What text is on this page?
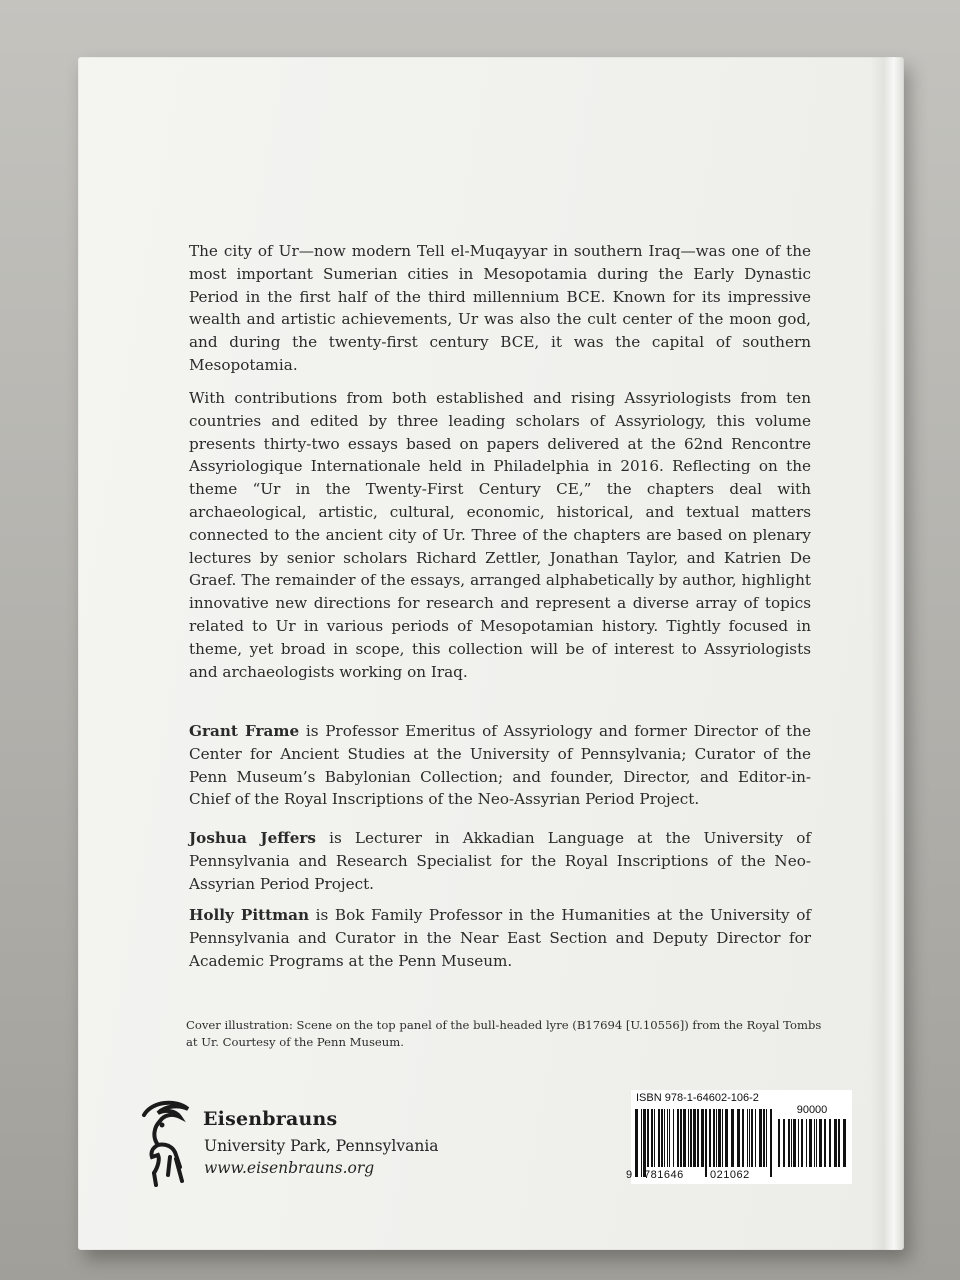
The city of Ur—now modern Tell el-Muqayyar in southern Iraq—was one of the most important Sumerian cities in Mesopotamia during the Early Dynastic Period in the first half of the third millennium BCE. Known for its impressive wealth and artistic achievements, Ur was also the cult center of the moon god, and during the twenty-first century BCE, it was the capital of southern Mesopotamia.

With contributions from both established and rising Assyriologists from ten countries and edited by three leading scholars of Assyriology, this volume presents thirty-two essays based on papers delivered at the 62nd Rencontre Assyriologique Internationale held in Philadelphia in 2016. Reflecting on the theme “Ur in the Twenty-First Century CE,” the chapters deal with archaeological, artistic, cultural, economic, historical, and textual matters connected to the ancient city of Ur. Three of the chapters are based on plenary lectures by senior scholars Richard Zettler, Jonathan Taylor, and Katrien De Graef. The remainder of the essays, arranged alphabetically by author, highlight innovative new directions for research and represent a diverse array of topics related to Ur in various periods of Mesopotamian history. Tightly focused in theme, yet broad in scope, this collection will be of interest to Assyriologists and archaeologists working on Iraq.

Grant Frame is Professor Emeritus of Assyriology and former Director of the Center for Ancient Studies at the University of Pennsylvania; Curator of the Penn Museum’s Babylonian Collection; and founder, Director, and Editor-in-Chief of the Royal Inscriptions of the Neo-Assyrian Period Project.

Joshua Jeffers is Lecturer in Akkadian Language at the University of Pennsylvania and Research Specialist for the Royal Inscriptions of the Neo-Assyrian Period Project.

Holly Pittman is Bok Family Professor in the Humanities at the University of Pennsylvania and Curator in the Near East Section and Deputy Director for Academic Programs at the Penn Museum.

Cover illustration: Scene on the top panel of the bull-headed lyre (B17694 [U.10556]) from the Royal Tombs at Ur. Courtesy of the Penn Museum.

Eisenbrauns
University Park, Pennsylvania
www.eisenbrauns.org
ISBN 978-1-64602-106-2
90000
9 781646 021062
